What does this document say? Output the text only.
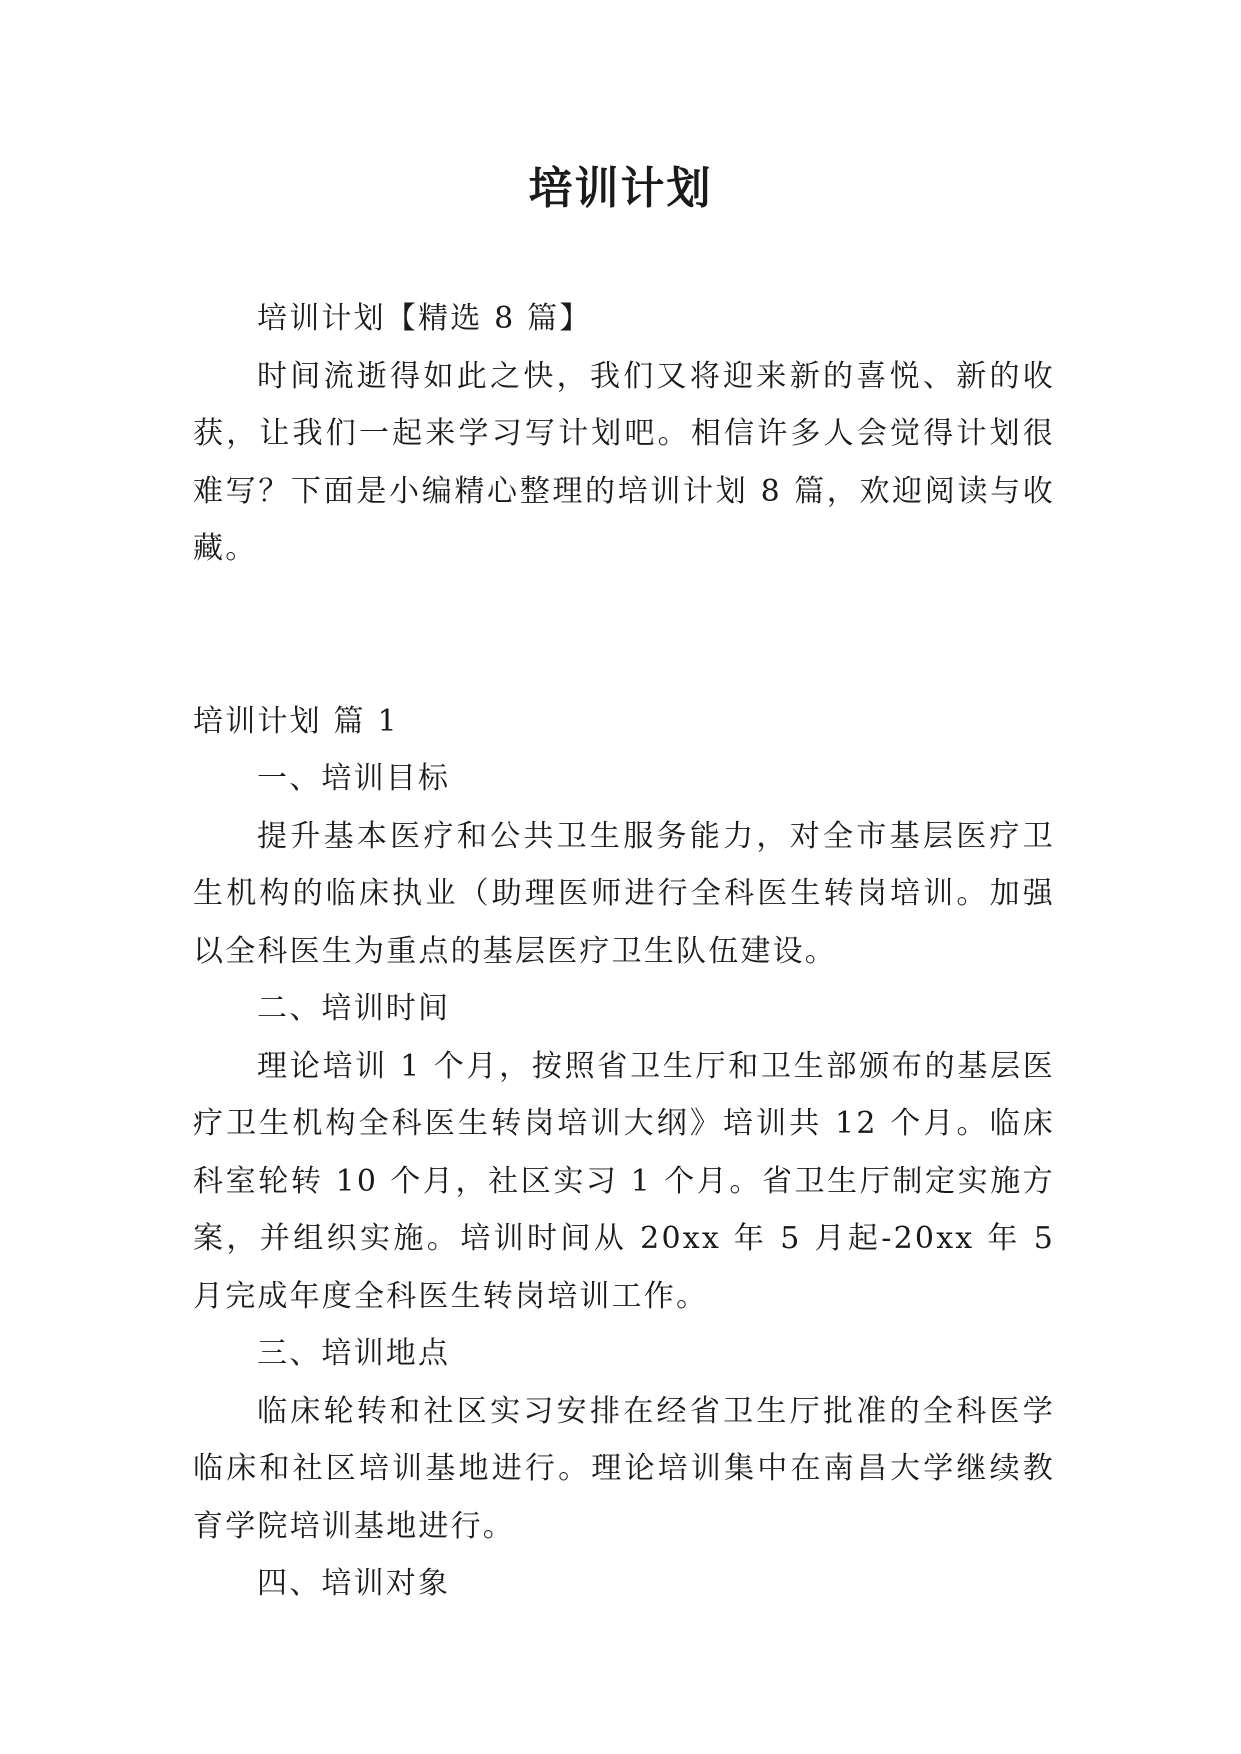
培训计划

培训计划【精选 8 篇】

时间流逝得如此之快，我们又将迎来新的喜悦、新的收获，让我们一起来学习写计划吧。相信许多人会觉得计划很难写？下面是小编精心整理的培训计划 8 篇，欢迎阅读与收藏。

培训计划 篇 1

一、培训目标

提升基本医疗和公共卫生服务能力，对全市基层医疗卫生机构的临床执业（助理医师进行全科医生转岗培训。加强以全科医生为重点的基层医疗卫生队伍建设。

二、培训时间

理论培训 1 个月，按照省卫生厅和卫生部颁布的基层医疗卫生机构全科医生转岗培训大纲》培训共 12 个月。临床科室轮转 10 个月，社区实习 1 个月。省卫生厅制定实施方案，并组织实施。培训时间从 20xx 年 5 月起-20xx 年 5 月完成年度全科医生转岗培训工作。

三、培训地点

临床轮转和社区实习安排在经省卫生厅批准的全科医学临床和社区培训基地进行。理论培训集中在南昌大学继续教育学院培训基地进行。

四、培训对象
